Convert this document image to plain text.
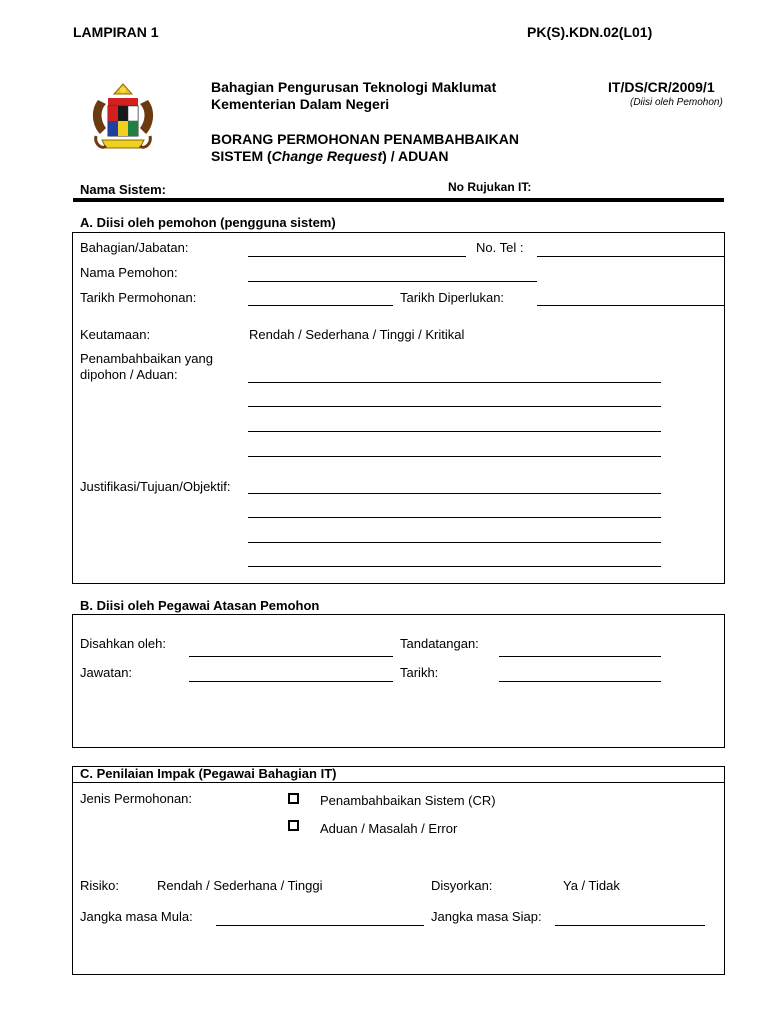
LAMPIRAN 1	PK(S).KDN.02(L01)
Bahagian Pengurusan Teknologi Maklumat
Kementerian Dalam Negeri
IT/DS/CR/2009/1
(Diisi oleh Pemohon)
BORANG PERMOHONAN PENAMBAHBAIKAN
SISTEM (Change Request) / ADUAN
Nama Sistem:	No Rujukan IT:
A. Diisi oleh pemohon (pengguna sistem)
Bahagian/Jabatan:	No. Tel :
Nama Pemohon:
Tarikh Permohonan:	Tarikh Diperlukan:
Keutamaan:	Rendah / Sederhana / Tinggi / Kritikal
Penambahbaikan yang
dipohon / Aduan:
Justifikasi/Tujuan/Objektif:
B. Diisi oleh Pegawai Atasan Pemohon
Disahkan oleh:	Tandatangan:
Jawatan:	Tarikh:
C. Penilaian Impak (Pegawai Bahagian IT)
Jenis Permohonan:	Penambahbaikan Sistem (CR)
Aduan / Masalah / Error
Risiko:	Rendah / Sederhana / Tinggi	Disyorkan:	Ya / Tidak
Jangka masa Mula:	Jangka masa Siap:
